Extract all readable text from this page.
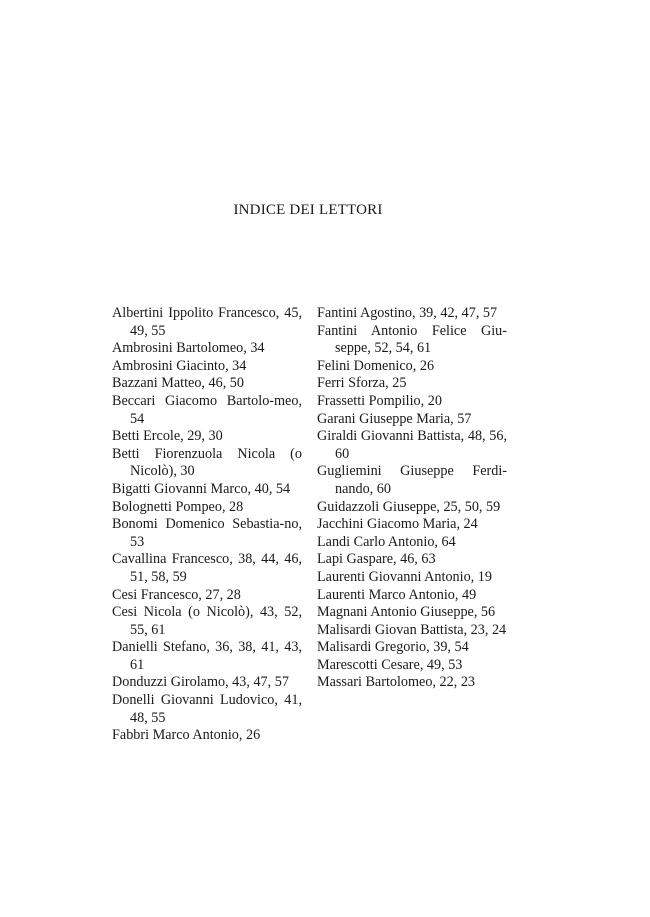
INDICE DEI LETTORI
Albertini Ippolito Francesco, 45, 49, 55
Ambrosini Bartolomeo, 34
Ambrosini Giacinto, 34
Bazzani Matteo, 46, 50
Beccari Giacomo Bartolo-meo, 54
Betti Ercole, 29, 30
Betti Fiorenzuola Nicola (o Nicolò), 30
Bigatti Giovanni Marco, 40, 54
Bolognetti Pompeo, 28
Bonomi Domenico Sebastia-no, 53
Cavallina Francesco, 38, 44, 46, 51, 58, 59
Cesi Francesco, 27, 28
Cesi Nicola (o Nicolò), 43, 52, 55, 61
Danielli Stefano, 36, 38, 41, 43, 61
Donduzzi Girolamo, 43, 47, 57
Donelli Giovanni Ludovico, 41, 48, 55
Fabbri Marco Antonio, 26
Fantini Agostino, 39, 42, 47, 57
Fantini Antonio Felice Giu-seppe, 52, 54, 61
Felini Domenico, 26
Ferri Sforza, 25
Frassetti Pompilio, 20
Garani Giuseppe Maria, 57
Giraldi Giovanni Battista, 48, 56, 60
Gugliemini Giuseppe Ferdi-nando, 60
Guidazzoli Giuseppe, 25, 50, 59
Jacchini Giacomo Maria, 24
Landi Carlo Antonio, 64
Lapi Gaspare, 46, 63
Laurenti Giovanni Antonio, 19
Laurenti Marco Antonio, 49
Magnani Antonio Giuseppe, 56
Malisardi Giovan Battista, 23, 24
Malisardi Gregorio, 39, 54
Marescotti Cesare, 49, 53
Massari Bartolomeo, 22, 23
